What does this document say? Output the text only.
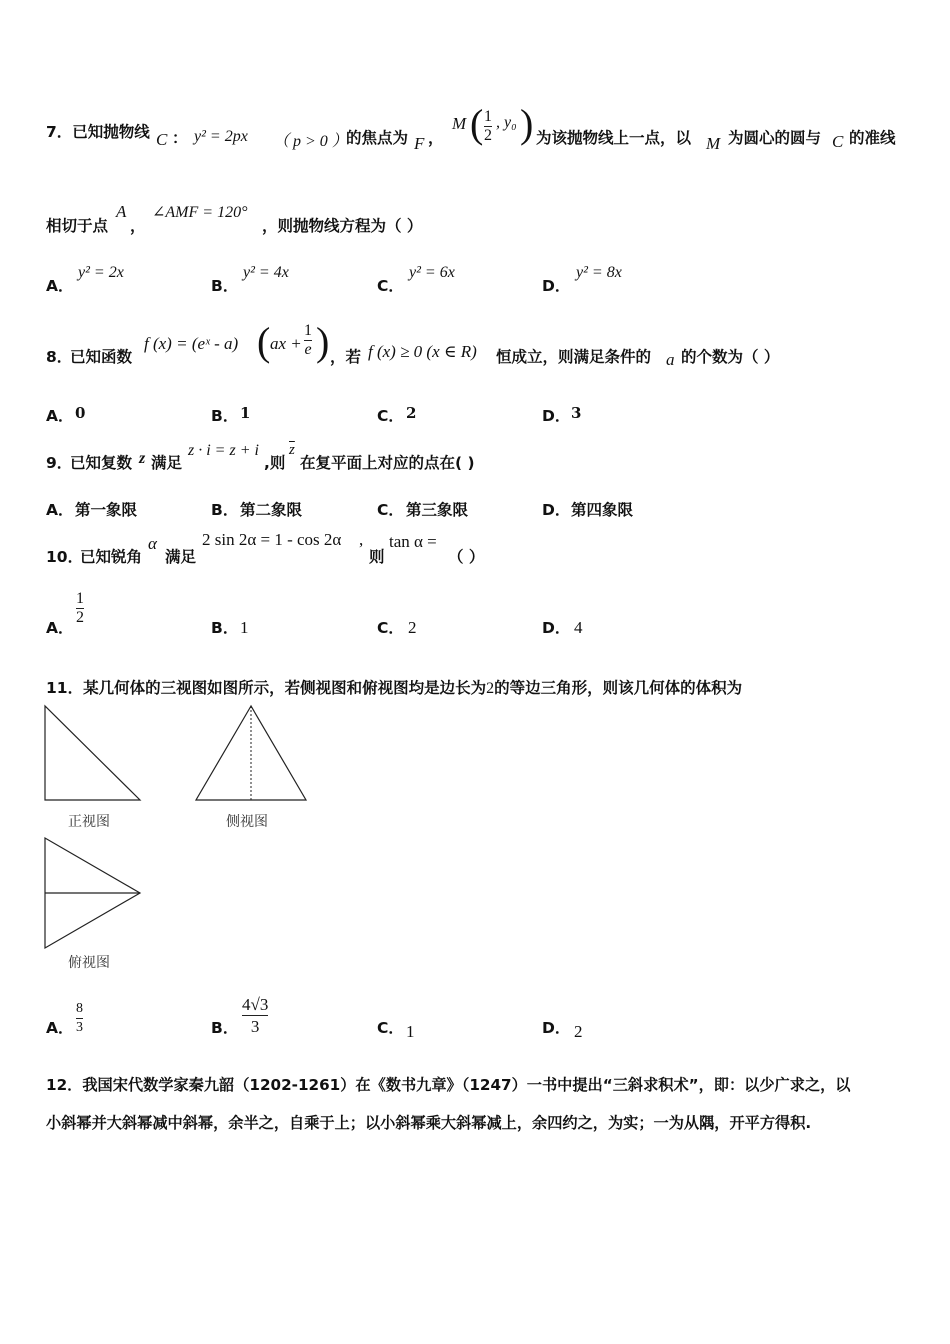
7．已知抛物线 C ： y² = 2px （ p > 0 ）
的焦点为 F ，
M ( $\frac{1}{2}$ , y₀ ) 为该抛物线上一点，以 M 为圆心的圆与 C 的准线
相切于点
A
，
∠AMF = 120°
，则抛物线方程为（ ）
A．
y² = 2x
B．
y² = 4x
C．
y² = 6x
D．
y² = 8x
8．
已知函数
f (x) = (eˣ - a) ( ax + $\frac{1}{e}$ ) ，若 f (x) ≥ 0 (x ∈ R) 恒成立，则满足条件的 a 的个数为（ ）
A． 0	B． 1	C． 2	D． 3
9．
已知复数 z 满足
z · i = z + i
,则
$\overline{z}$
在复平面上对应的点在( )
A． 第一象限	B． 第二象限	C． 第三象限	D． 第四象限
10．
已知锐角
α
满足
2 sin 2α = 1 - cos 2α ,
则
tan α =
（ ）
A．
$\frac{1}{2}$
B． 1	C． 2	D． 4
11．某几何体的三视图如图所示，若侧视图和俯视图均是边长为2的等边三角形，则该几何体的体积为
正视图	侧视图
俯视图
A． $\frac{8}{3}$	B． $\frac{4√3}{3}$	C． 1	D． 2
12．我国宋代数学家秦九韶（1202-1261）在《数书九章》（1247）一书中提出“三斜求积术”，即：以少广求之，以
小斜幂并大斜幂减中斜幂，余半之，自乘于上；以小斜幂乘大斜幂减上，余四约之，为实；一为从隅，开平方得积.
